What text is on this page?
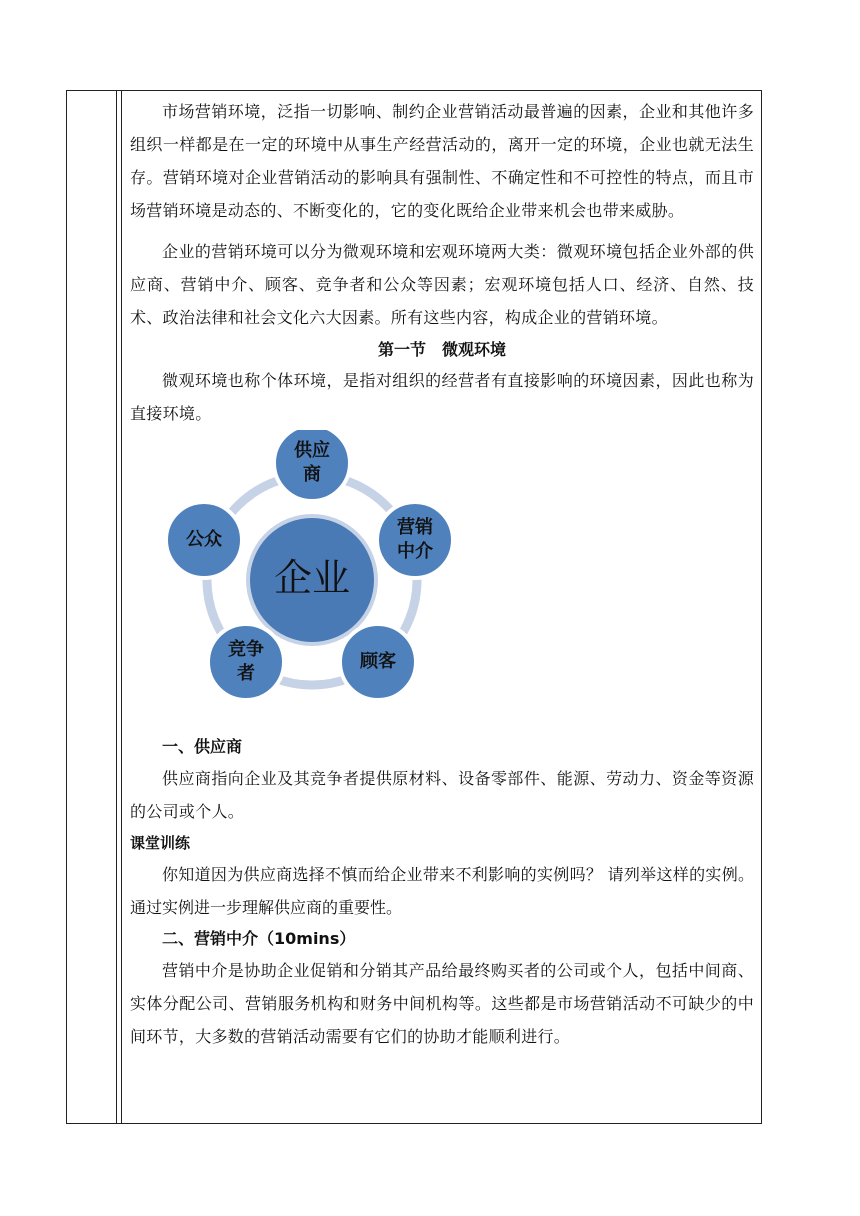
市场营销环境，泛指一切影响、制约企业营销活动最普遍的因素，企业和其他许多组织一样都是在一定的环境中从事生产经营活动的，离开一定的环境，企业也就无法生存。营销环境对企业营销活动的影响具有强制性、不确定性和不可控性的特点，而且市场营销环境是动态的、不断变化的，它的变化既给企业带来机会也带来威胁。

企业的营销环境可以分为微观环境和宏观环境两大类：微观环境包括企业外部的供应商、营销中介、顾客、竞争者和公众等因素；宏观环境包括人口、经济、自然、技术、政治法律和社会文化六大因素。所有这些内容，构成企业的营销环境。

第一节　微观环境

微观环境也称个体环境，是指对组织的经营者有直接影响的环境因素，因此也称为直接环境。

企业
供应商
营销中介
顾客
竞争者
公众
一、供应商

供应商指向企业及其竞争者提供原材料、设备零部件、能源、劳动力、资金等资源的公司或个人。

课堂训练

你知道因为供应商选择不慎而给企业带来不利影响的实例吗？ 请列举这样的实例。通过实例进一步理解供应商的重要性。

二、营销中介（10mins）

营销中介是协助企业促销和分销其产品给最终购买者的公司或个人，包括中间商、实体分配公司、营销服务机构和财务中间机构等。这些都是市场营销活动不可缺少的中间环节，大多数的营销活动需要有它们的协助才能顺利进行。
